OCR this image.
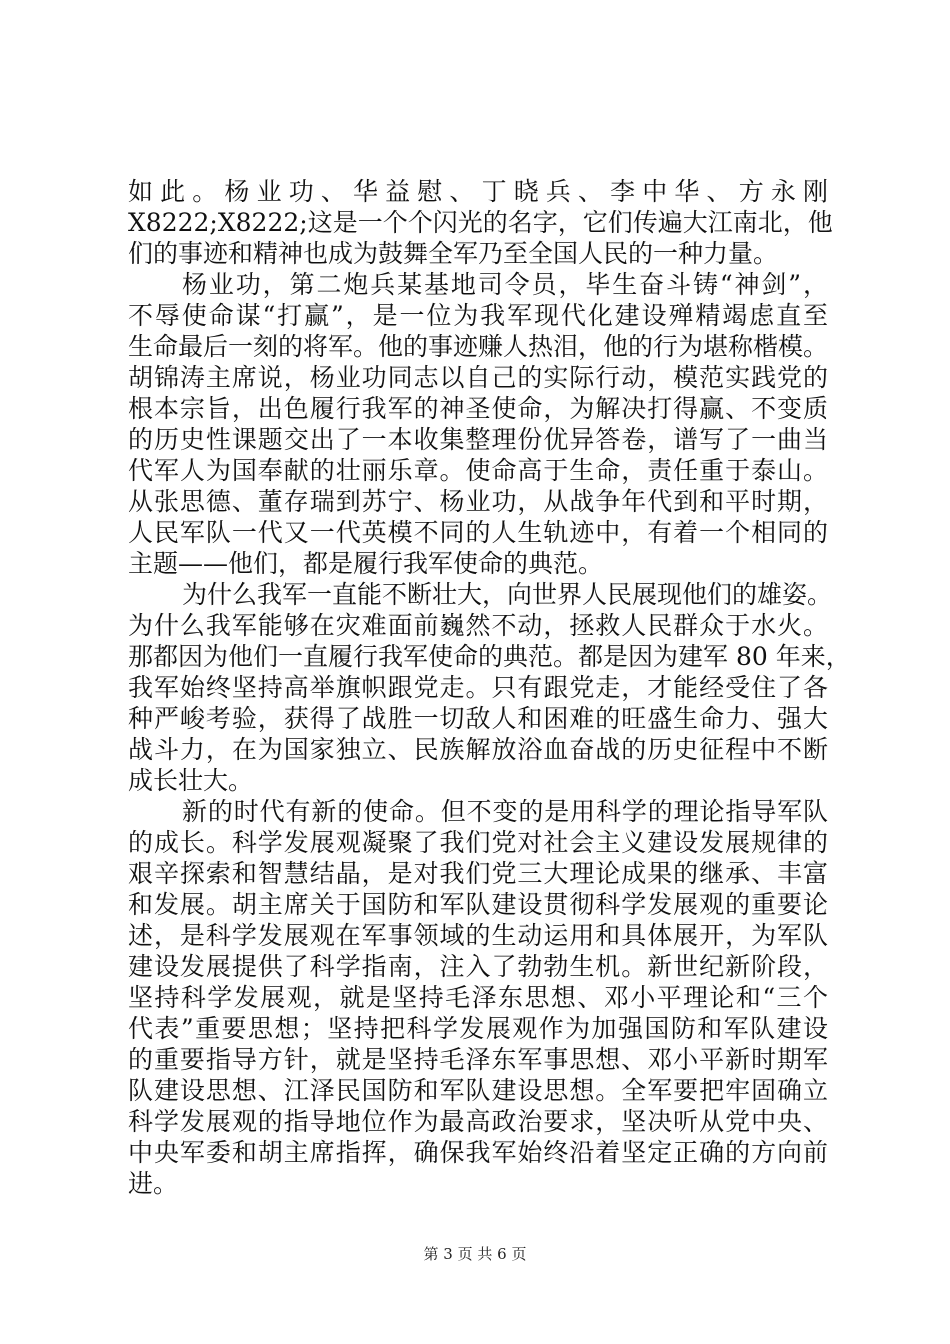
如此。杨业功、华益慰、丁晓兵、李中华、方永刚
X8222;X8222;这是一个个闪光的名字，它们传遍大江南北，他
们的事迹和精神也成为鼓舞全军乃至全国人民的一种力量。
杨业功，第二炮兵某基地司令员，毕生奋斗铸“神剑”，
不辱使命谋“打赢”，是一位为我军现代化建设殚精竭虑直至
生命最后一刻的将军。他的事迹赚人热泪，他的行为堪称楷模。
胡锦涛主席说，杨业功同志以自己的实际行动，模范实践党的
根本宗旨，出色履行我军的神圣使命，为解决打得赢、不变质
的历史性课题交出了一本收集整理份优异答卷，谱写了一曲当
代军人为国奉献的壮丽乐章。使命高于生命，责任重于泰山。
从张思德、董存瑞到苏宁、杨业功，从战争年代到和平时期，
人民军队一代又一代英模不同的人生轨迹中，有着一个相同的
主题——他们，都是履行我军使命的典范。
为什么我军一直能不断壮大，向世界人民展现他们的雄姿。
为什么我军能够在灾难面前巍然不动，拯救人民群众于水火。
那都因为他们一直履行我军使命的典范。都是因为建军 80 年来，
我军始终坚持高举旗帜跟党走。只有跟党走，才能经受住了各
种严峻考验，获得了战胜一切敌人和困难的旺盛生命力、强大
战斗力，在为国家独立、民族解放浴血奋战的历史征程中不断
成长壮大。
新的时代有新的使命。但不变的是用科学的理论指导军队
的成长。科学发展观凝聚了我们党对社会主义建设发展规律的
艰辛探索和智慧结晶，是对我们党三大理论成果的继承、丰富
和发展。胡主席关于国防和军队建设贯彻科学发展观的重要论
述，是科学发展观在军事领域的生动运用和具体展开，为军队
建设发展提供了科学指南，注入了勃勃生机。新世纪新阶段，
坚持科学发展观，就是坚持毛泽东思想、邓小平理论和“三个
代表”重要思想；坚持把科学发展观作为加强国防和军队建设
的重要指导方针，就是坚持毛泽东军事思想、邓小平新时期军
队建设思想、江泽民国防和军队建设思想。全军要把牢固确立
科学发展观的指导地位作为最高政治要求，坚决听从党中央、
中央军委和胡主席指挥，确保我军始终沿着坚定正确的方向前
进。
第 3 页 共 6 页
